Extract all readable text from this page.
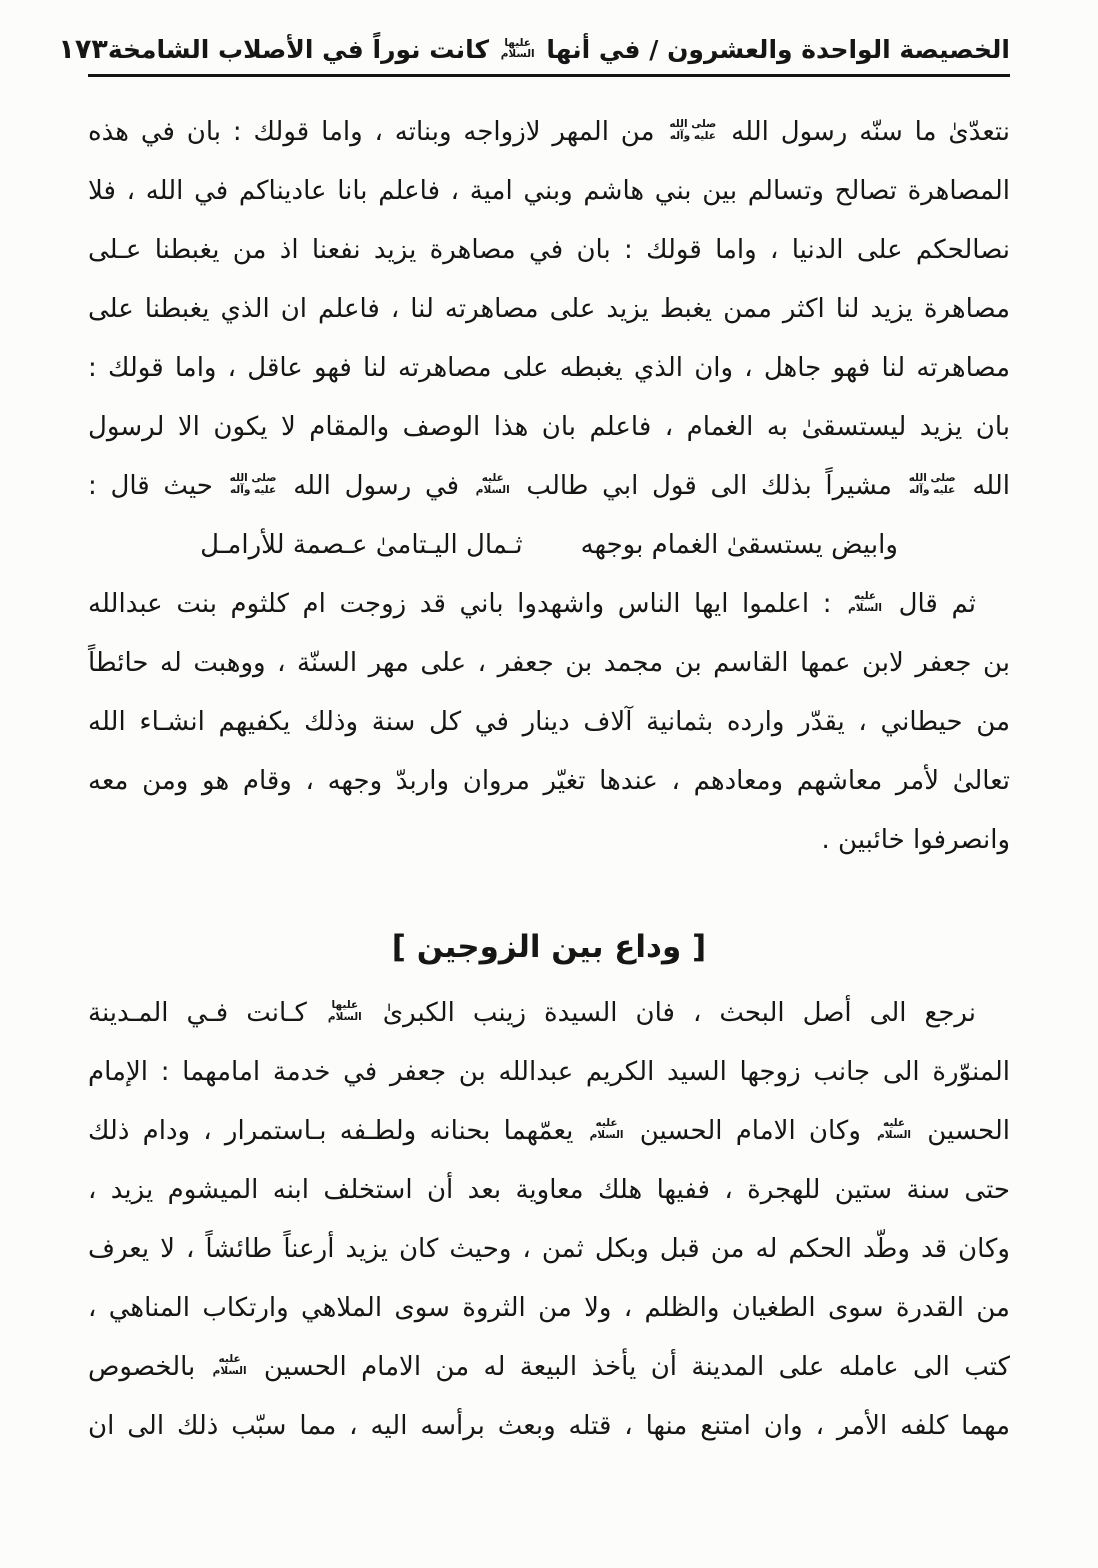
الخصيصة الواحدة والعشرون / في أنها
عليها
السلام
كانت نوراً في الأصلاب الشامخة
١٧٣
نتعدّىٰ ما سنّه رسول الله
صلى الله
عليه وآله
من المهر لازواجه وبناته ، واما قولك : بان في هذه
المصاهرة تصالح وتسالم بين بني هاشم وبني امية ، فاعلم بانا عاديناكم في الله ، فلا
نصالحكم على الدنيا ، واما قولك : بان في مصاهرة يزيد نفعنا اذ من يغبطنا عـلى
مصاهرة يزيد لنا اكثر ممن يغبط يزيد على مصاهرته لنا ، فاعلم ان الذي يغبطنا على
مصاهرته لنا فهو جاهل ، وان الذي يغبطه على مصاهرته لنا فهو عاقل ، واما قولك :
بان يزيد ليستسقىٰ به الغمام ، فاعلم بان هذا الوصف والمقام لا يكون الا لرسول
الله
صلى الله
عليه وآله
مشيراً بذلك الى قول ابي طالب
عليه
السلام
في رسول الله
صلى الله
عليه وآله
حيث قال :
وابيض يستسقىٰ الغمام بوجهه
ثـمال اليـتامىٰ عـصمة للأرامـل
ثم قال
عليه
السلام
: اعلموا ايها الناس واشهدوا باني قد زوجت ام كلثوم بنت عبدالله
بن جعفر لابن عمها القاسم بن مجمد بن جعفر ، على مهر السنّة ، ووهبت له حائطاً
من حيطاني ، يقدّر وارده بثمانية آلاف دينار في كل سنة وذلك يكفيهم انشـاء الله
تعالىٰ لأمر معاشهم ومعادهم ، عندها تغيّر مروان واربدّ وجهه ، وقام هو ومن معه
وانصرفوا خائبين .
[ وداع بين الزوجين ]
نرجع الى أصل البحث ، فان السيدة زينب الكبرىٰ
عليها
السلام
كـانت فـي المـدينة
المنوّرة الى جانب زوجها السيد الكريم عبدالله بن جعفر في خدمة امامهما : الإمام
الحسين
عليه
السلام
وكان الامام الحسين
عليه
السلام
يعمّهما بحنانه ولطـفه بـاستمرار ، ودام ذلك
حتى سنة ستين للهجرة ، ففيها هلك معاوية بعد أن استخلف ابنه الميشوم يزيد ،
وكان قد وطّد الحكم له من قبل وبكل ثمن ، وحيث كان يزيد أرعناً طائشاً ، لا يعرف
من القدرة سوى الطغيان والظلم ، ولا من الثروة سوى الملاهي وارتكاب المناهي ،
كتب الى عامله على المدينة أن يأخذ البيعة له من الامام الحسين
عليه
السلام
بالخصوص
مهما كلفه الأمر ، وان امتنع منها ، قتله وبعث برأسه اليه ، مما سبّب ذلك الى ان
